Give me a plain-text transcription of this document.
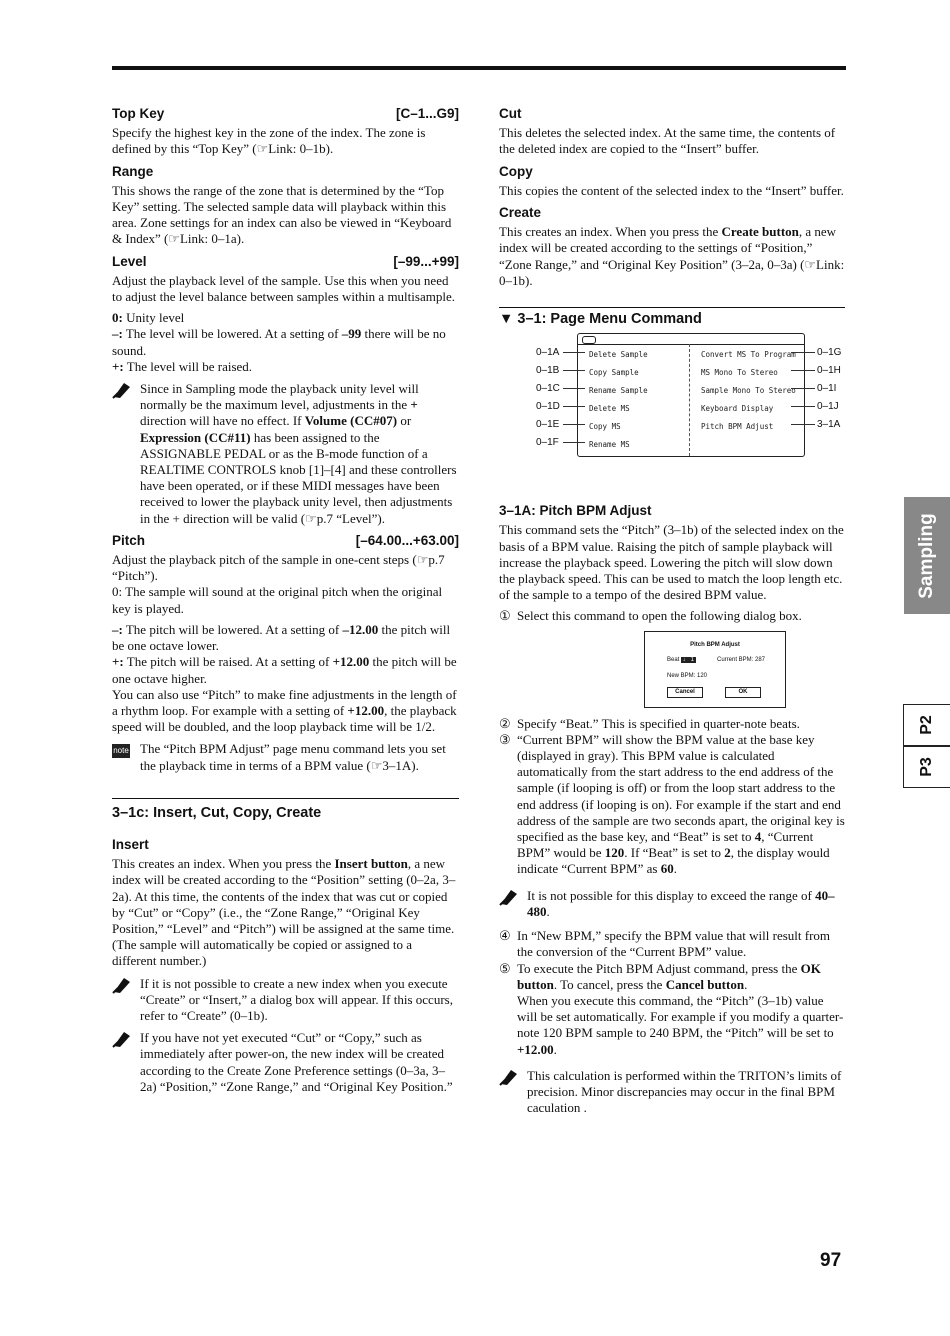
Top Key	[C–1...G9]

Specify the highest key in the zone of the index. The zone is defined by this “Top Key” (☞Link: 0–1b).

Range

This shows the range of the zone that is determined by the “Top Key” setting. The selected sample data will playback within this area. Zone settings for an index can also be viewed in “Keyboard & Index” (☞Link: 0–1a).

Level	[–99...+99]

Adjust the playback level of the sample. Use this when you need to adjust the level balance between samples within a multisample.

0: Unity level
–: The level will be lowered. At a setting of –99 there will be no sound.
+: The level will be raised.

Since in Sampling mode the playback unity level will normally be the maximum level, adjustments in the + direction will have no effect. If Volume (CC#07) or Expression (CC#11) has been assigned to the ASSIGNABLE PEDAL or as the B-mode function of a REALTIME CONTROLS knob [1]–[4] and these controllers have been operated, or if these MIDI messages have been received to lower the playback unity level, then adjustments in the + direction will be valid (☞p.7 “Level”).
Pitch	[–64.00...+63.00]

Adjust the playback pitch of the sample in one-cent steps (☞p.7 “Pitch”).

0: The sample will sound at the original pitch when the original key is played.

–: The pitch will be lowered. At a setting of –12.00 the pitch will be one octave lower.
+: The pitch will be raised. At a setting of +12.00 the pitch will be one octave higher.
You can also use “Pitch” to make fine adjustments in the length of a rhythm loop. For example with a setting of +12.00, the playback speed will be doubled, and the loop playback time will be 1/2.

note The “Pitch BPM Adjust” page menu command lets you set the playback time in terms of a BPM value (☞3–1A).
3–1c: Insert, Cut, Copy, Create
Insert

This creates an index. When you press the Insert button, a new index will be created according to the “Position” setting (0–2a, 3–2a). At this time, the contents of the index that was cut or copied by “Cut” or “Copy” (i.e., the “Zone Range,” “Original Key Position,” “Level” and “Pitch”) will be assigned at the same time. (The sample will automatically be copied or assigned to a different number.)

If it is not possible to create a new index when you execute “Create” or “Insert,” a dialog box will appear. If this occurs, refer to “Create” (0–1b).
If you have not yet executed “Cut” or “Copy,” such as immediately after power-on, the new index will be created according to the Create Zone Preference settings (0–3a, 3–2a) “Position,” “Zone Range,” and “Original Key Position.”
Cut

This deletes the selected index. At the same time, the contents of the deleted index are copied to the “Insert” buffer.

Copy

This copies the content of the selected index to the “Insert” buffer.

Create

This creates an index. When you press the Create button, a new index will be created according to the settings of “Position,” “Zone Range,” and “Original Key Position” (3–2a, 0–3a) (☞Link: 0–1b).

▼ 3–1: Page Menu Command
Delete Sample
Copy Sample
Rename Sample
Delete MS
Copy MS
Rename MS
Convert MS To Program
MS Mono To Stereo
Sample Mono To Stereo
Keyboard Display
Pitch BPM Adjust
0–1A
0–1B
0–1C
0–1D
0–1E
0–1F
0–1G
0–1H
0–1I
0–1J
3–1A
3–1A: Pitch BPM Adjust

This command sets the “Pitch” (3–1b) of the selected index on the basis of a BPM value. Raising the pitch of sample playback will increase the playback speed. Lowering the pitch will slow down the playback speed. This can be used to match the loop length etc. of the sample to a tempo of the desired BPM value.

① Select this command to open the following dialog box.
Pitch BPM Adjust
Beat ♩ 1	Current BPM: 287
New BPM: 120
Cancel	OK
② Specify “Beat.” This is specified in quarter-note beats.
③ “Current BPM” will show the BPM value at the base key (displayed in gray). This BPM value is calculated automatically from the start address to the end address of the sample (if looping is off) or from the loop start address to the end address (if looping is on). For example if the start and end address of the sample are two seconds apart, the original key is specified as the base key, and “Beat” is set to 4, “Current BPM” would be 120. If “Beat” is set to 2, the display would indicate “Current BPM” as 60.
It is not possible for this display to exceed the range of 40–480.
④ In “New BPM,” specify the BPM value that will result from the conversion of the “Current BPM” value.
⑤ To execute the Pitch BPM Adjust command, press the OK button. To cancel, press the Cancel button.
When you execute this command, the “Pitch” (3–1b) value will be set automatically. For example if you modify a quarter-note 120 BPM sample to 240 BPM, the “Pitch” will be set to +12.00.
This calculation is performed within the TRITON’s limits of precision. Minor discrepancies may occur in the final BPM caculation .
Sampling
P2
P3
97
